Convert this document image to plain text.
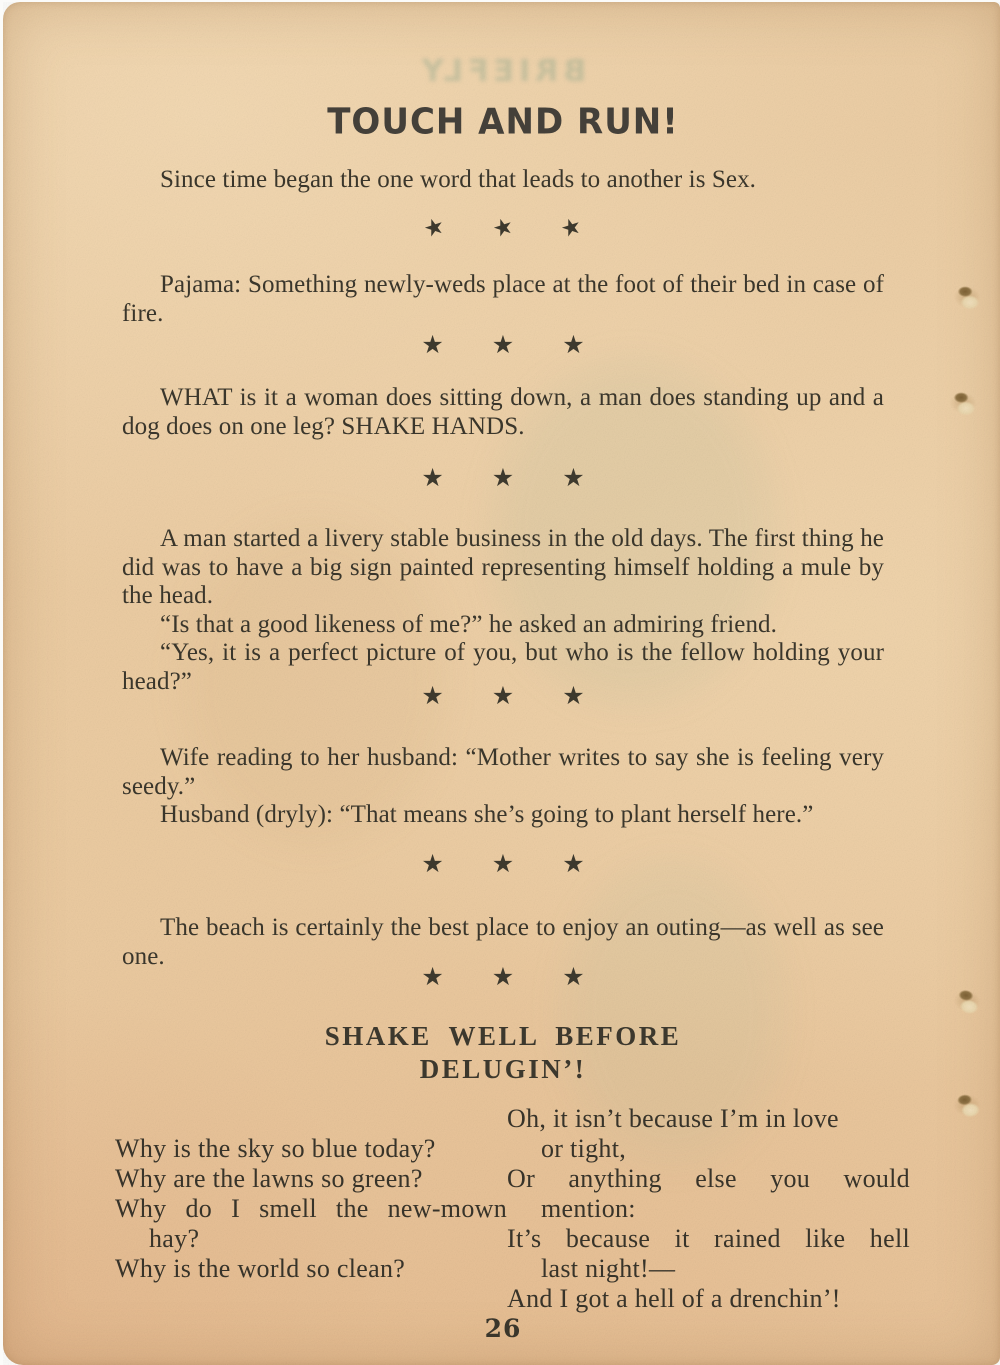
BRIEFLY
TOUCH AND RUN!
Since time began the one word that leads to another is Sex.
★ ★ ★
Pajama: Something newly-weds place at the foot of their bed in case of fire.
★ ★ ★
WHAT is it a woman does sitting down, a man does standing up and a dog does on one leg? SHAKE HANDS.
★ ★ ★
A man started a livery stable business in the old days. The first thing he did was to have a big sign painted representing himself holding a mule by the head.
“Is that a good likeness of me?” he asked an admiring friend.
“Yes, it is a perfect picture of you, but who is the fellow holding your head?”	★ ★ ★
Wife reading to her husband: “Mother writes to say she is feeling very seedy.”
Husband (dryly): “That means she’s going to plant herself here.”
★ ★ ★
The beach is certainly the best place to enjoy an outing—as well as see one.
★ ★ ★
SHAKE WELL BEFORE
DELUGIN’!
Why is the sky so blue today?
Why are the lawns so green?
Why do I smell the new-mown
hay?
Why is the world so clean?
Oh, it isn’t because I’m in love
or tight,
Or anything else you would
mention:
It’s because it rained like hell
last night!—
And I got a hell of a drenchin’!
26
